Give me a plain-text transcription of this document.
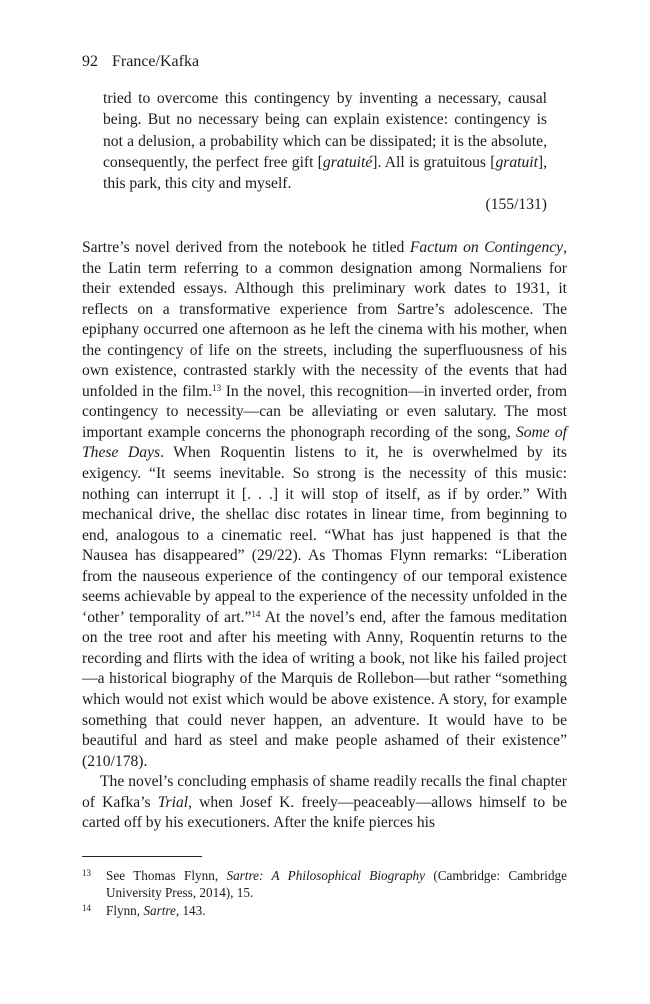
92 France/Kafka

tried to overcome this contingency by inventing a necessary, causal being. But no necessary being can explain existence: contingency is not a delusion, a probability which can be dissipated; it is the absolute, consequently, the perfect free gift [gratuité]. All is gratuitous [gratuit], this park, this city and myself.

(155/131)

Sartre’s novel derived from the notebook he titled Factum on Contingency, the Latin term referring to a common designation among Normaliens for their extended essays. Although this preliminary work dates to 1931, it reflects on a transformative experience from Sartre’s adolescence. The epiphany occurred one afternoon as he left the cinema with his mother, when the contingency of life on the streets, including the superfluousness of his own existence, contrasted starkly with the necessity of the events that had unfolded in the film.$^{13}$ In the novel, this recognition—in inverted order, from contingency to necessity—can be alleviating or even salutary. The most important example concerns the phonograph recording of the song, Some of These Days. When Roquentin listens to it, he is overwhelmed by its exigency. “It seems inevitable. So strong is the necessity of this music: nothing can interrupt it [. . .] it will stop of itself, as if by order.” With mechanical drive, the shellac disc rotates in linear time, from beginning to end, analogous to a cinematic reel. “What has just happened is that the Nausea has disappeared” (29/22). As Thomas Flynn remarks: “Liberation from the nauseous experience of the contingency of our temporal existence seems achievable by appeal to the experience of the necessity unfolded in the ‘other’ temporality of art.”$^{14}$ At the novel’s end, after the famous meditation on the tree root and after his meeting with Anny, Roquentin returns to the recording and flirts with the idea of writing a book, not like his failed project—a historical biography of the Marquis de Rollebon—but rather “something which would not exist which would be above existence. A story, for example something that could never happen, an adventure. It would have to be beautiful and hard as steel and make people ashamed of their existence” (210/178).

The novel’s concluding emphasis of shame readily recalls the final chapter of Kafka’s Trial, when Josef K. freely—peaceably—allows himself to be carted off by his executioners. After the knife pierces his

13 See Thomas Flynn, Sartre: A Philosophical Biography (Cambridge: Cambridge University Press, 2014), 15.

14 Flynn, Sartre, 143.
